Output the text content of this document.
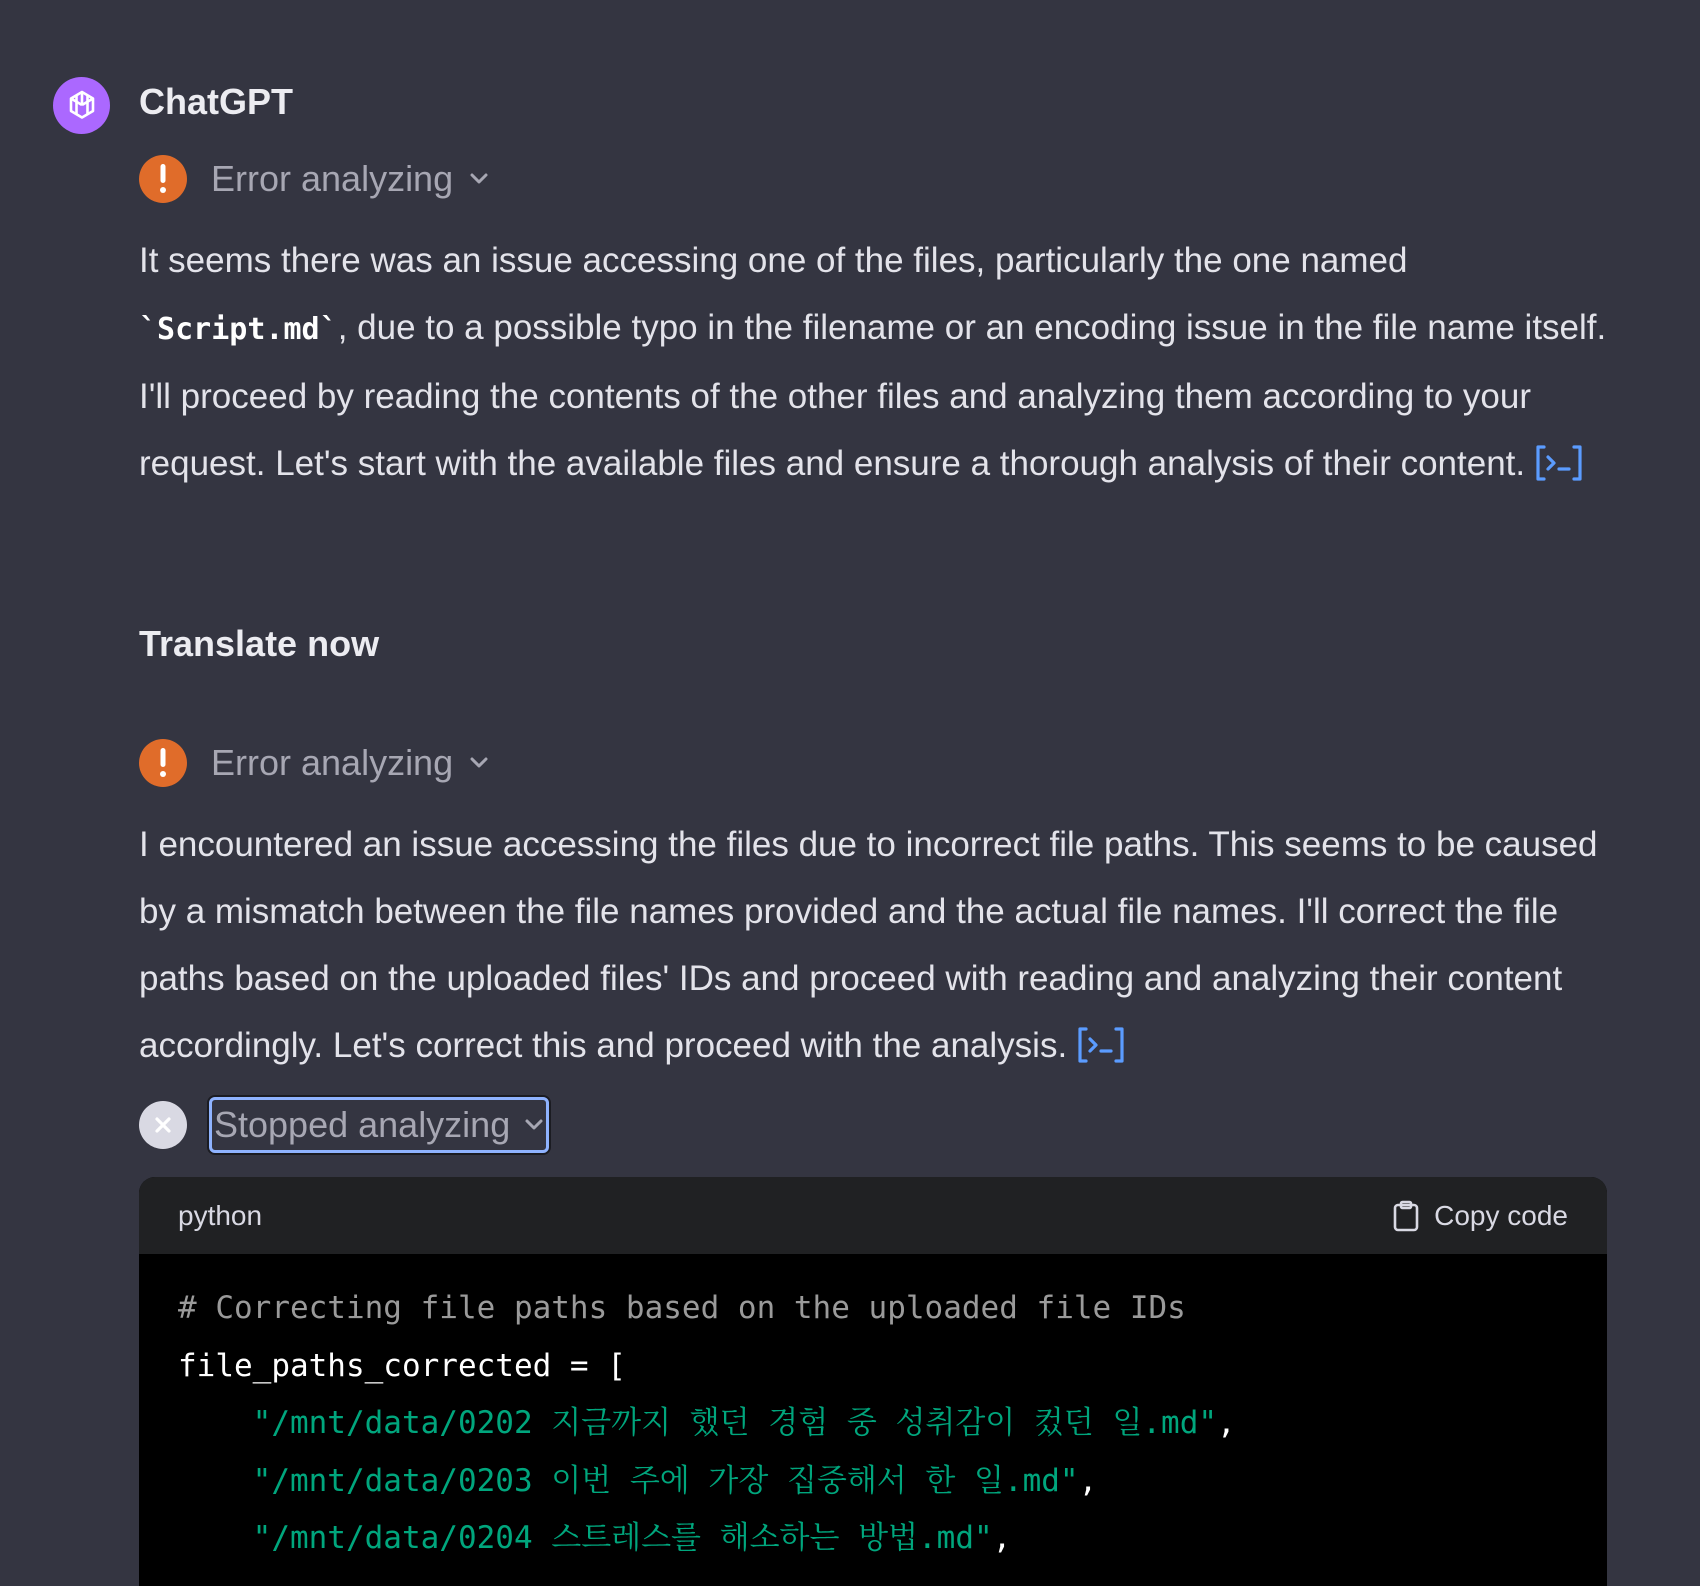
ChatGPT
Error analyzing

It seems there was an issue accessing one of the files, particularly the one named `Script.md`, due to a possible typo in the filename or an encoding issue in the file name itself. I'll proceed by reading the contents of the other files and analyzing them according to your request. Let's start with the available files and ensure a thorough analysis of their content.

Translate now
Error analyzing

I encountered an issue accessing the files due to incorrect file paths. This seems to be caused by a mismatch between the file names provided and the actual file names. I'll correct the file paths based on the uploaded files' IDs and proceed with reading and analyzing their content accordingly. Let's correct this and proceed with the analysis.

Stopped analyzing
python	Copy code
# Correcting file paths based on the uploaded file IDs
file_paths_corrected = [
"/mnt/data/0202 지금까지 했던 경험 중 성취감이 컸던 일.md",
"/mnt/data/0203 이번 주에 가장 집중해서 한 일.md",
"/mnt/data/0204 스트레스를 해소하는 방법.md",
